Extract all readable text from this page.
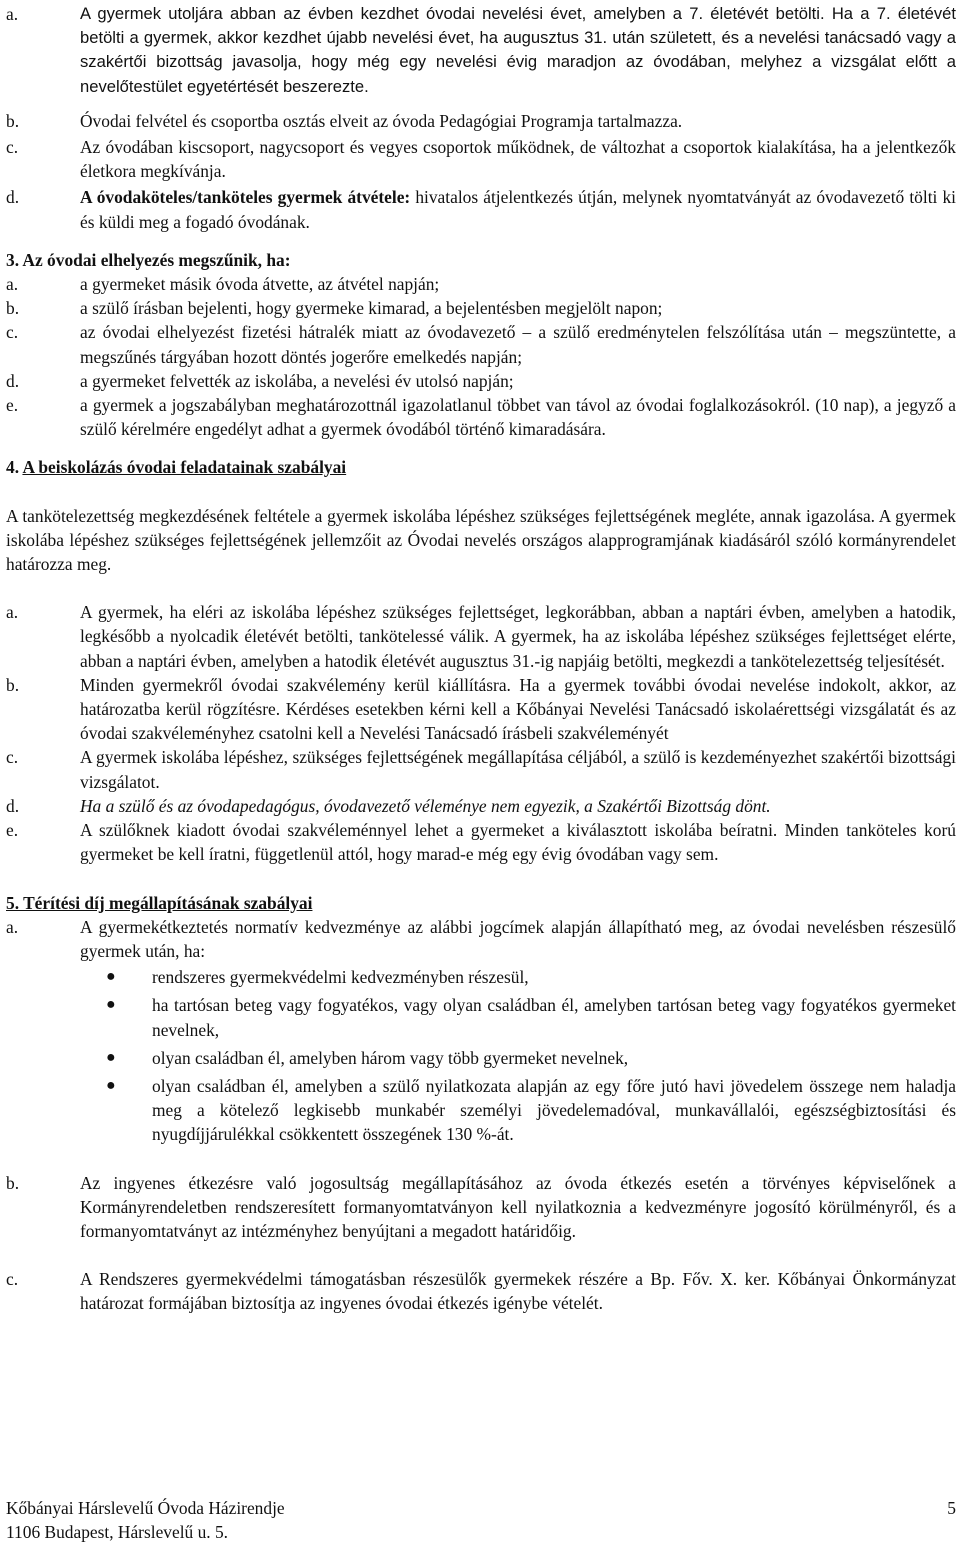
a.	A gyermek utoljára abban az évben kezdhet óvodai nevelési évet, amelyben a 7. életévét betölti. Ha a 7. életévét betölti a gyermek, akkor kezdhet újabb nevelési évet, ha augusztus 31. után született, és a nevelési tanácsadó vagy a szakértői bizottság javasolja, hogy még egy nevelési évig maradjon az óvodában, melyhez a vizsgálat előtt a nevelőtestület egyetértését beszerezte.
b.	Óvodai felvétel és csoportba osztás elveit az óvoda Pedagógiai Programja tartalmazza.
c.	Az óvodában kiscsoport, nagycsoport és vegyes csoportok működnek, de változhat a csoportok kialakítása, ha a jelentkezők életkora megkívánja.
d.	A óvodaköteles/tanköteles gyermek átvétele: hivatalos átjelentkezés útján, melynek nyomtatványát az óvodavezető tölti ki és küldi meg a fogadó óvodának.

3. Az óvodai elhelyezés megszűnik, ha:

a.	a gyermeket másik óvoda átvette, az átvétel napján;
b.	a szülő írásban bejelenti, hogy gyermeke kimarad, a bejelentésben megjelölt napon;
c.	az óvodai elhelyezést fizetési hátralék miatt az óvodavezető – a szülő eredménytelen felszólítása után – megszüntette, a megszűnés tárgyában hozott döntés jogerőre emelkedés napján;
d.	a gyermeket felvették az iskolába, a nevelési év utolsó napján;
e.	a gyermek a jogszabályban meghatározottnál igazolatlanul többet van távol az óvodai foglalkozásokról. (10 nap), a jegyző a szülő kérelmére engedélyt adhat a gyermek óvodából történő kimaradására.

4. A beiskolázás óvodai feladatainak szabályai

A tankötelezettség megkezdésének feltétele a gyermek iskolába lépéshez szükséges fejlettségének megléte, annak igazolása. A gyermek iskolába lépéshez szükséges fejlettségének jellemzőit az Óvodai nevelés országos alapprogramjának kiadásáról szóló kormányrendelet határozza meg.

a.	A gyermek, ha eléri az iskolába lépéshez szükséges fejlettséget, legkorábban, abban a naptári évben, amelyben a hatodik, legkésőbb a nyolcadik életévét betölti, tankötelessé válik. A gyermek, ha az iskolába lépéshez szükséges fejlettséget elérte, abban a naptári évben, amelyben a hatodik életévét augusztus 31.-ig napjáig betölti, megkezdi a tankötelezettség teljesítését.
b.	Minden gyermekről óvodai szakvélemény kerül kiállításra. Ha a gyermek további óvodai nevelése indokolt, akkor, az határozatba kerül rögzítésre. Kérdéses esetekben kérni kell a Kőbányai Nevelési Tanácsadó iskolaérettségi vizsgálatát és az óvodai szakvéleményhez csatolni kell a Nevelési Tanácsadó írásbeli szakvéleményét
c.	A gyermek iskolába lépéshez, szükséges fejlettségének megállapítása céljából, a szülő is kezdeményezhet szakértői bizottsági vizsgálatot.
d.	Ha a szülő és az óvodapedagógus, óvodavezető véleménye nem egyezik, a Szakértői Bizottság dönt.
e.	A szülőknek kiadott óvodai szakvéleménnyel lehet a gyermeket a kiválasztott iskolába beíratni. Minden tanköteles korú gyermeket be kell íratni, függetlenül attól, hogy marad-e még egy évig óvodában vagy sem.

5. Térítési díj megállapításának szabályai

a.	A gyermekétkeztetés normatív kedvezménye az alábbi jogcímek alapján állapítható meg, az óvodai nevelésben részesülő gyermek után, ha:
●	rendszeres gyermekvédelmi kedvezményben részesül,
●	ha tartósan beteg vagy fogyatékos, vagy olyan családban él, amelyben tartósan beteg vagy fogyatékos gyermeket nevelnek,
●	olyan családban él, amelyben három vagy több gyermeket nevelnek,
●	olyan családban él, amelyben a szülő nyilatkozata alapján az egy főre jutó havi jövedelem összege nem haladja meg a kötelező legkisebb munkabér személyi jövedelemadóval, munkavállalói, egészségbiztosítási és nyugdíjjárulékkal csökkentett összegének 130 %-át.
b.	Az ingyenes étkezésre való jogosultság megállapításához az óvoda étkezés esetén a törvényes képviselőnek a Kormányrendeletben rendszeresített formanyomtatványon kell nyilatkoznia a kedvezményre jogosító körülményről, és a formanyomtatványt az intézményhez benyújtani a megadott határidőig.
c.	A Rendszeres gyermekvédelmi támogatásban részesülők gyermekek részére a Bp. Főv. X. ker. Kőbányai Önkormányzat határozat formájában biztosítja az ingyenes óvodai étkezés igénybe vételét.
Kőbányai Hárslevelű Óvoda Házirendje	5
1106 Budapest, Hárslevelű u. 5.
